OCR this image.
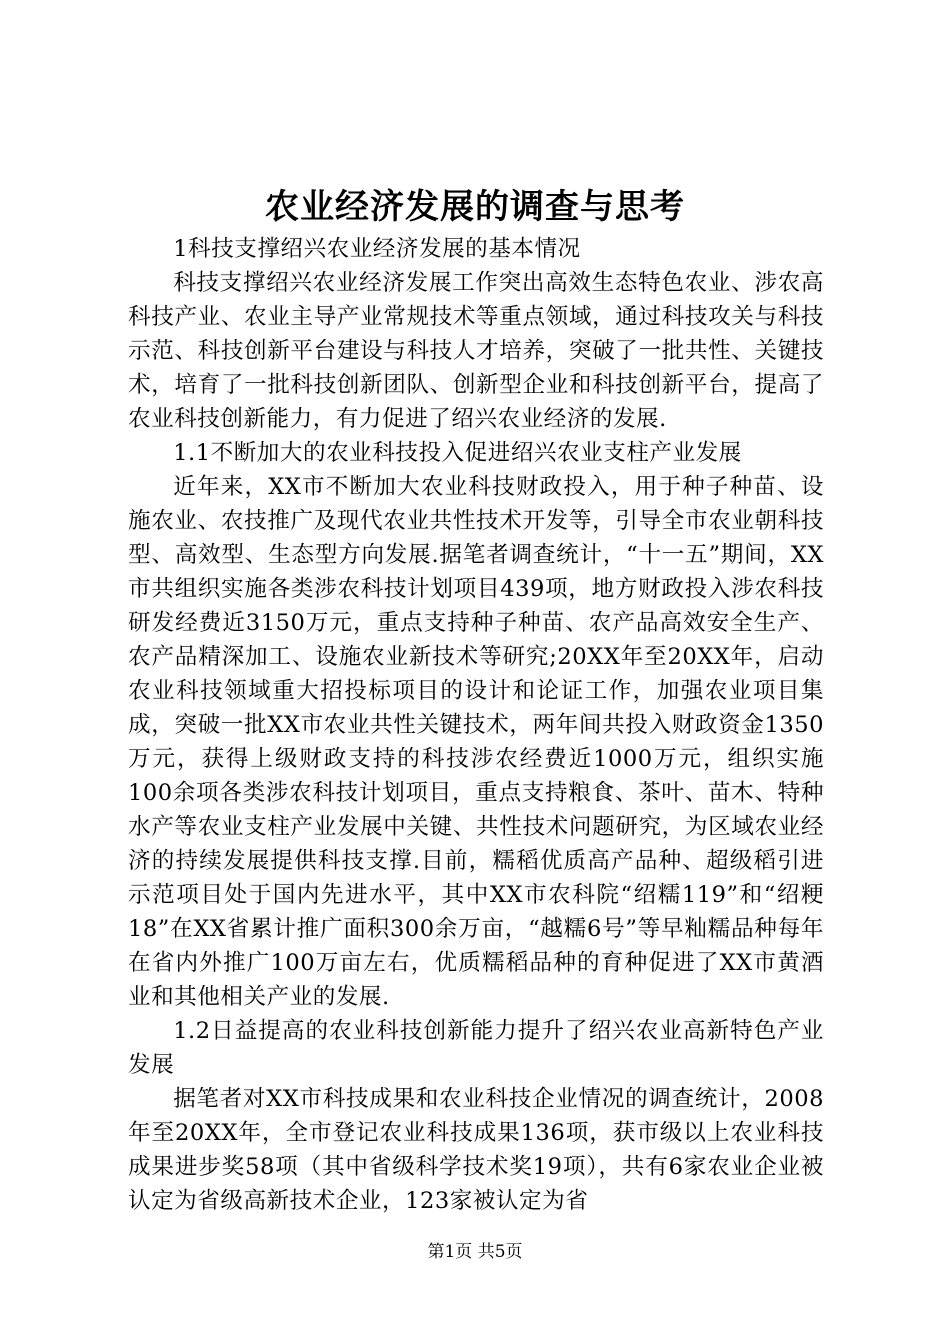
农业经济发展的调查与思考

1科技支撑绍兴农业经济发展的基本情况

科技支撑绍兴农业经济发展工作突出高效生态特色农业、涉农高科技产业、农业主导产业常规技术等重点领域，通过科技攻关与科技示范、科技创新平台建设与科技人才培养，突破了一批共性、关键技术，培育了一批科技创新团队、创新型企业和科技创新平台，提高了农业科技创新能力，有力促进了绍兴农业经济的发展.

1.1不断加大的农业科技投入促进绍兴农业支柱产业发展

近年来，XX市不断加大农业科技财政投入，用于种子种苗、设施农业、农技推广及现代农业共性技术开发等，引导全市农业朝科技型、高效型、生态型方向发展.据笔者调查统计，“十一五”期间，XX市共组织实施各类涉农科技计划项目439项，地方财政投入涉农科技研发经费近3150万元，重点支持种子种苗、农产品高效安全生产、农产品精深加工、设施农业新技术等研究;20XX年至20XX年，启动农业科技领域重大招投标项目的设计和论证工作，加强农业项目集成，突破一批XX市农业共性关键技术，两年间共投入财政资金1350万元，获得上级财政支持的科技涉农经费近1000万元，组织实施100余项各类涉农科技计划项目，重点支持粮食、茶叶、苗木、特种水产等农业支柱产业发展中关键、共性技术问题研究，为区域农业经济的持续发展提供科技支撑.目前，糯稻优质高产品种、超级稻引进示范项目处于国内先进水平，其中XX市农科院“绍糯119”和“绍粳18”在XX省累计推广面积300余万亩，“越糯6号”等早籼糯品种每年在省内外推广100万亩左右，优质糯稻品种的育种促进了XX市黄酒业和其他相关产业的发展.

1.2日益提高的农业科技创新能力提升了绍兴农业高新特色产业发展

据笔者对XX市科技成果和农业科技企业情况的调查统计，2008年至20XX年，全市登记农业科技成果136项，获市级以上农业科技成果进步奖58项（其中省级科学技术奖19项），共有6家农业企业被认定为省级高新技术企业，123家被认定为省

第1页 共5页
